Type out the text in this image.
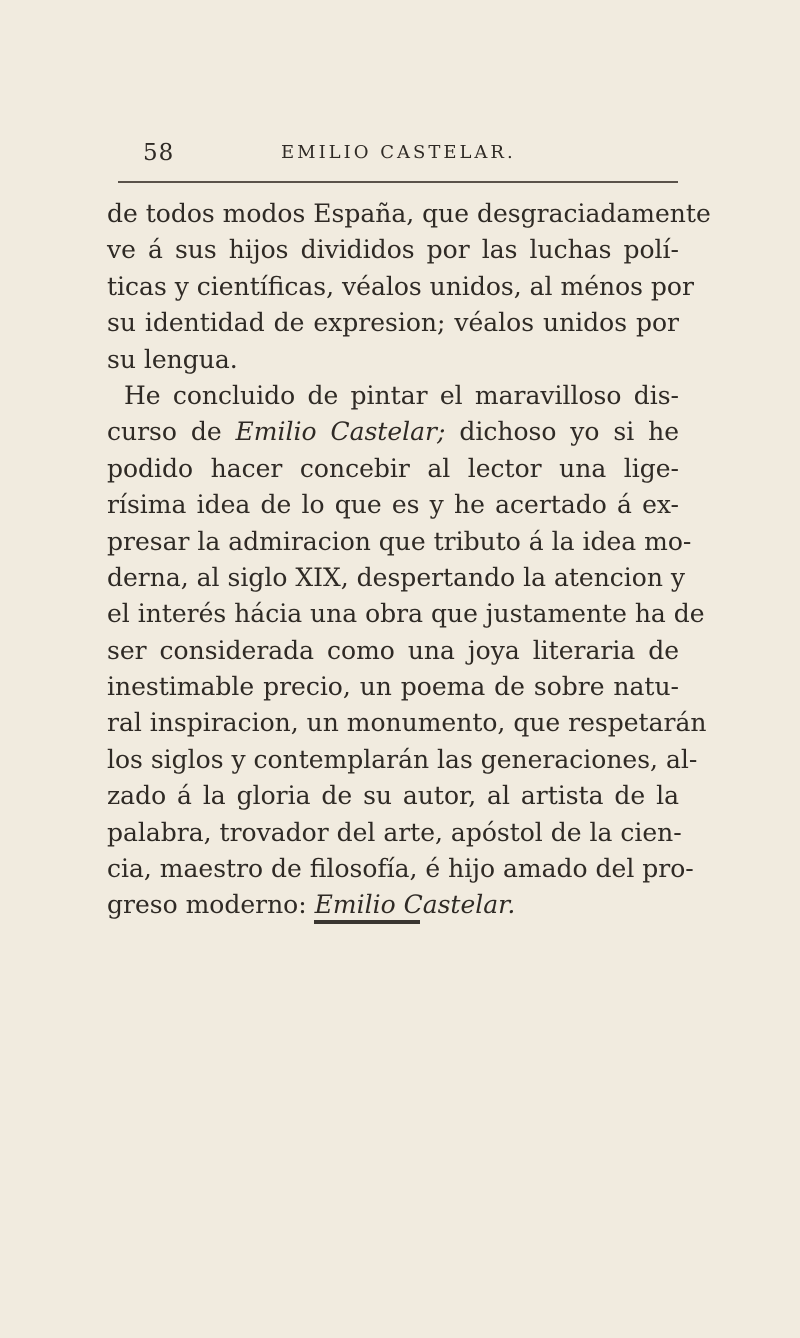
58	EMILIO CASTELAR.
de todos modos España, que desgraciadamente
ve á sus hijos divididos por las luchas polí-
ticas y científicas, véalos unidos, al ménos por
su identidad de expresion; véalos unidos por
su lengua.
He concluido de pintar el maravilloso dis-
curso de Emilio Castelar; dichoso yo si he
podido hacer concebir al lector una lige-
rísima idea de lo que es y he acertado á ex-
presar la admiracion que tributo á la idea mo-
derna, al siglo XIX, despertando la atencion y
el interés hácia una obra que justamente ha de
ser considerada como una joya literaria de
inestimable precio, un poema de sobre natu-
ral inspiracion, un monumento, que respetarán
los siglos y contemplarán las generaciones, al-
zado á la gloria de su autor, al artista de la
palabra, trovador del arte, apóstol de la cien-
cia, maestro de filosofía, é hijo amado del pro-
greso moderno: Emilio Castelar.
